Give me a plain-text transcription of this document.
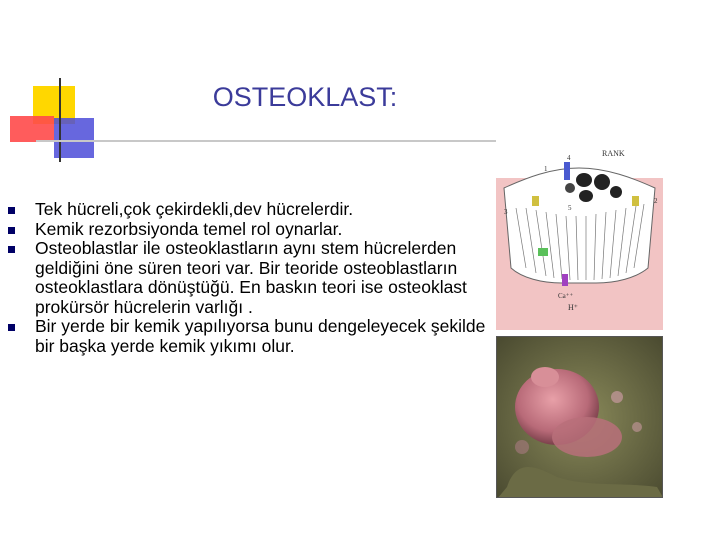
OSTEOKLAST:
Tek hücreli,çok çekirdekli,dev hücrelerdir.
Kemik rezorbsiyonda temel rol oynarlar.
Osteoblastlar ile osteoklastların aynı stem hücrelerden geldiğini öne süren teori var. Bir teoride osteoblastların osteoklastlara dönüştüğü. En baskın teori ise osteoklast prokürsör hücrelerin varlığı .
Bir yerde bir kemik yapılıyorsa bunu dengeleyecek şekilde bir başka yerde kemik yıkımı olur.
RANK
4
1
5
3
2
H⁺
Ca⁺⁺
